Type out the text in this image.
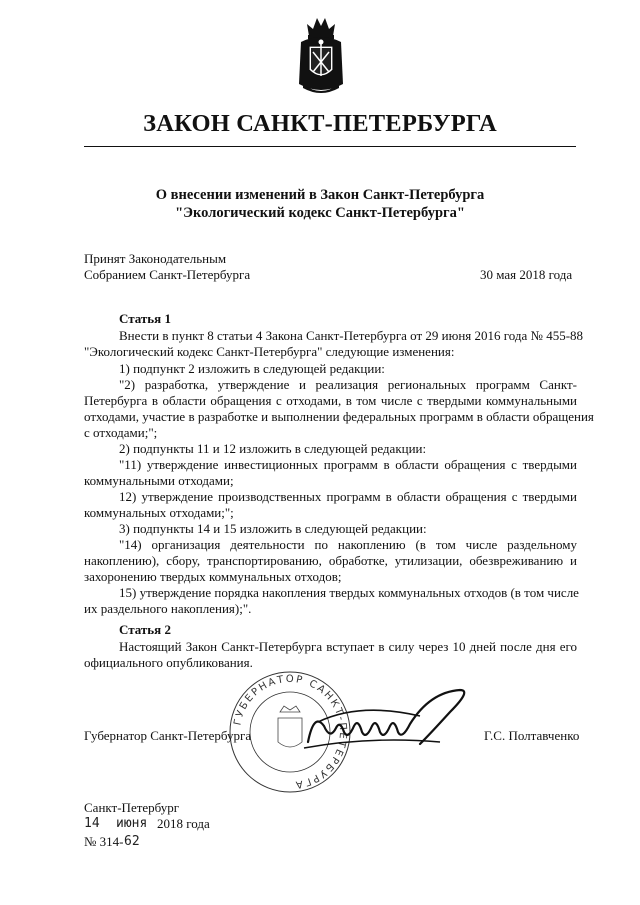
ЗАКОН САНКТ-ПЕТЕРБУРГА
О внесении изменений в Закон Санкт-Петербурга
"Экологический кодекс Санкт-Петербурга"
Принят Законодательным
Собранием Санкт-Петербурга	30 мая 2018 года
Статья 1
Внести в пункт 8 статьи 4 Закона Санкт-Петербурга от 29 июня 2016 года № 455-88
"Экологический кодекс Санкт-Петербурга" следующие изменения:
1) подпункт 2 изложить в следующей редакции:
"2) разработка, утверждение и реализация региональных программ Санкт-
Петербурга в области обращения с отходами, в том числе с твердыми коммунальными
отходами, участие в разработке и выполнении федеральных программ в области обращения
с отходами;";
2) подпункты 11 и 12 изложить в следующей редакции:
"11) утверждение инвестиционных программ в области обращения с твердыми
коммунальными отходами;
12) утверждение производственных программ в области обращения с твердыми
коммунальных отходами;";
3) подпункты 14 и 15 изложить в следующей редакции:
"14) организация деятельности по накоплению (в том числе раздельному
накоплению), сбору, транспортированию, обработке, утилизации, обезвреживанию и
захоронению твердых коммунальных отходов;
15) утверждение порядка накопления твердых коммунальных отходов (в том числе
их раздельного накопления);".
Статья 2
Настоящий Закон Санкт-Петербурга вступает в силу через 10 дней после дня его
официального опубликования.
ГУБЕРНАТОР САНКТ-ПЕТЕРБУРГА
Губернатор Санкт-Петербурга	Г.С. Полтавченко
Санкт-Петербург
14 июня 2018 года
№ 314- 62
